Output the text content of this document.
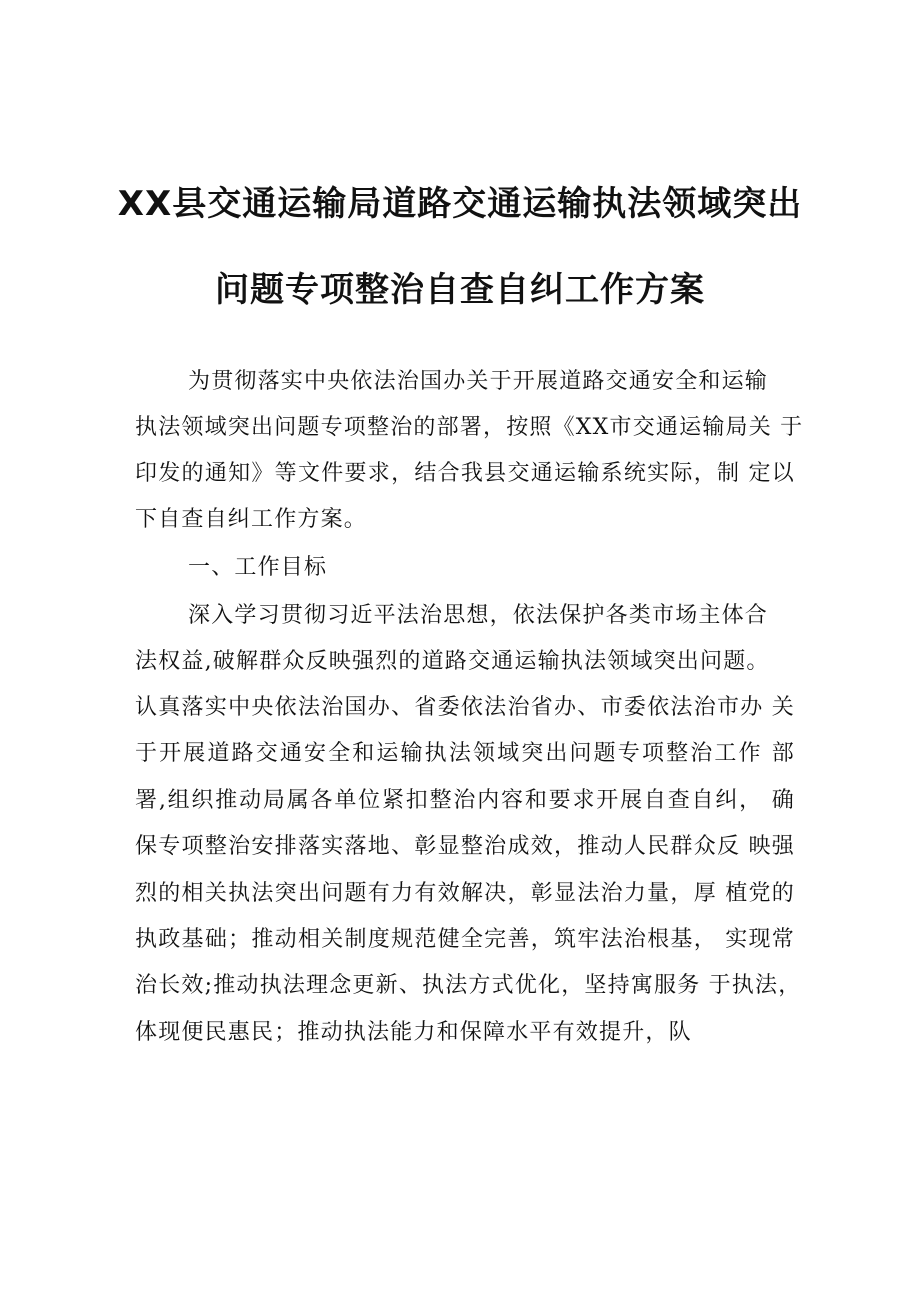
XX县交通运输局道路交通运输执法领域突出
问题专项整治自查自纠工作方案
为贯彻落实中央依法治国办关于开展道路交通安全和运输
执法领域突出问题专项整治的部署，按照《XX市交通运输局关 于
印发的通知》等文件要求，结合我县交通运输系统实际，制 定以
下自查自纠工作方案。
一、工作目标
深入学习贯彻习近平法治思想，依法保护各类市场主体合
法权益,破解群众反映强烈的道路交通运输执法领域突出问题。
认真落实中央依法治国办、省委依法治省办、市委依法治市办 关
于开展道路交通安全和运输执法领域突出问题专项整治工作 部
署,组织推动局属各单位紧扣整治内容和要求开展自查自纠， 确
保专项整治安排落实落地、彰显整治成效，推动人民群众反 映强
烈的相关执法突出问题有力有效解决，彰显法治力量，厚 植党的
执政基础；推动相关制度规范健全完善，筑牢法治根基， 实现常
治长效;推动执法理念更新、执法方式优化，坚持寓服务 于执法，
体现便民惠民；推动执法能力和保障水平有效提升，队
